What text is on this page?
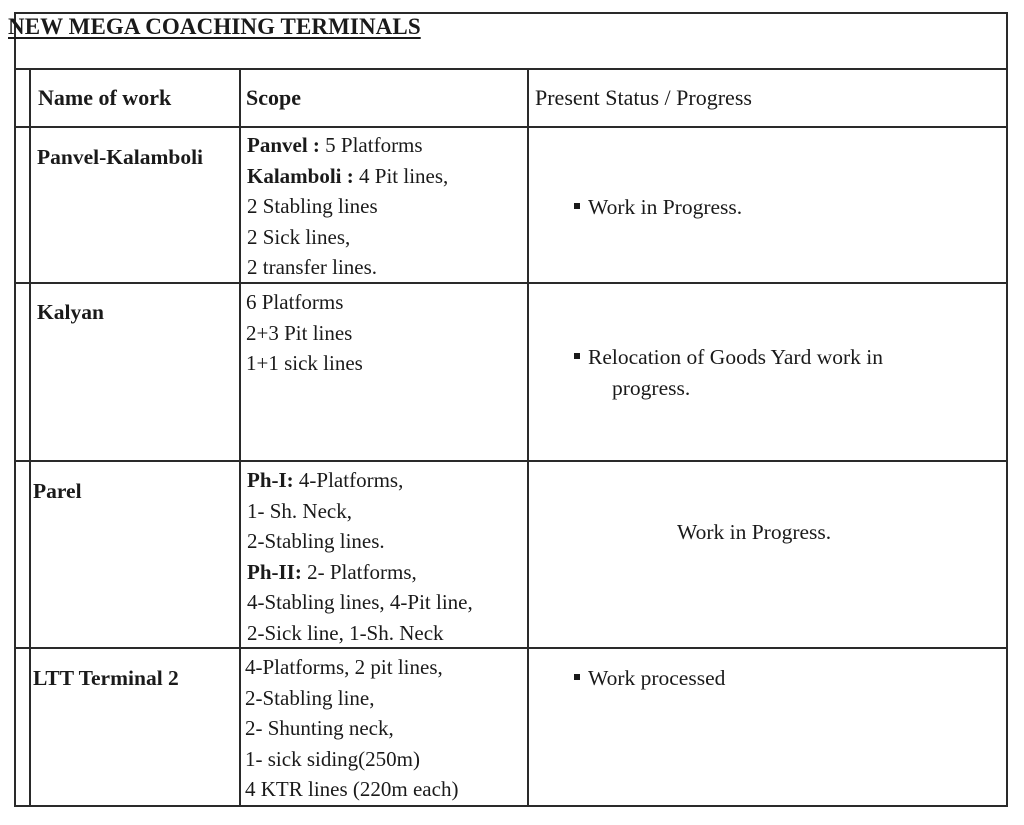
NEW MEGA COACHING TERMINALS
Name of work	Scope	Present Status / Progress
Panvel-Kalamboli
Kalyan
Parel
LTT Terminal 2
Panvel : 5 Platforms
Kalamboli : 4 Pit lines,
2 Stabling lines
2 Sick lines,
2 transfer lines.
6 Platforms
2+3 Pit lines
1+1 sick lines
Ph-I: 4-Platforms,
1- Sh. Neck,
2-Stabling lines.
Ph-II: 2- Platforms,
4-Stabling lines, 4-Pit line,
2-Sick line, 1-Sh. Neck
4-Platforms, 2 pit lines,
2-Stabling line,
2- Shunting neck,
1- sick siding(250m)
4 KTR lines (220m each)
Work in Progress.
Relocation of Goods Yard work in
progress.
Work in Progress.
Work processed
